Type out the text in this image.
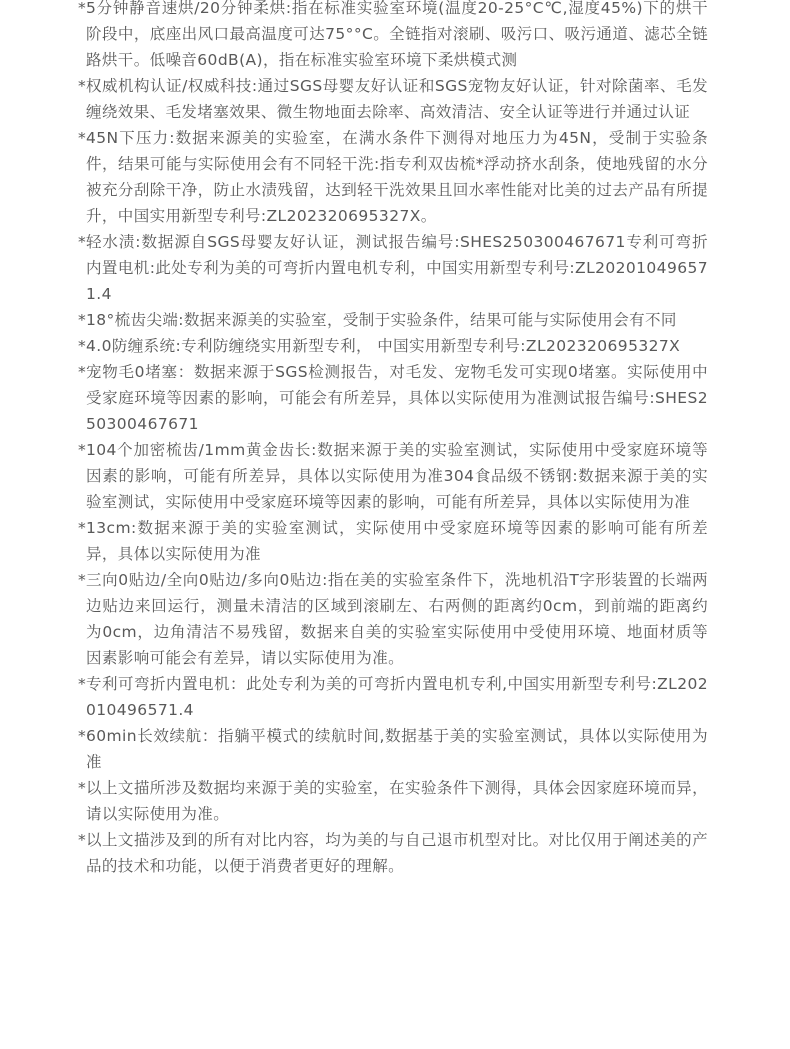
* 5分钟静音速烘/20分钟柔烘:指在标准实验室环境(温度20-25°C℃,湿度45%)下的烘干阶段中，底座出风口最高温度可达75°°C。全链指对滚刷、吸污口、吸污通道、滤芯全链路烘干。低噪音60dB(A)，指在标准实验室环境下柔烘模式测
* 权威机构认证/权威科技:通过SGS母婴友好认证和SGS宠物友好认证，针对除菌率、毛发缠绕效果、毛发堵塞效果、微生物地面去除率、高效清洁、安全认证等进行并通过认证
* 45N下压力:数据来源美的实验室，在满水条件下测得对地压力为45N，受制于实验条件，结果可能与实际使用会有不同轻干洗:指专利双齿梳*浮动挤水刮条，使地残留的水分被充分刮除干净，防止水渍残留，达到轻干洗效果且回水率性能对比美的过去产品有所提升，中国实用新型专利号:ZL202320695327X。
* 轻水渍:数据源自SGS母婴友好认证，测试报告编号:SHES250300467671专利可弯折内置电机:此处专利为美的可弯折内置电机专利，中国实用新型专利号:ZL202010496571.4
* 18°梳齿尖端:数据来源美的实验室，受制于实验条件，结果可能与实际使用会有不同
* 4.0防缠系统:专利防缠绕实用新型专利， 中国实用新型专利号:ZL202320695327X
* 宠物毛0堵塞：数据来源于SGS检测报告，对毛发、宠物毛发可实现0堵塞。实际使用中受家庭环境等因素的影响，可能会有所差异，具体以实际使用为准测试报告编号:SHES250300467671
* 104个加密梳齿/1mm黄金齿长:数据来源于美的实验室测试，实际使用中受家庭环境等因素的影响，可能有所差异，具体以实际使用为准304食品级不锈钢:数据来源于美的实验室测试，实际使用中受家庭环境等因素的影响，可能有所差异，具体以实际使用为准
* 13cm:数据来源于美的实验室测试，实际使用中受家庭环境等因素的影响可能有所差异，具体以实际使用为准
* 三向0贴边/全向0贴边/多向0贴边:指在美的实验室条件下，洗地机沿T字形装置的长端两边贴边来回运行，测量未清洁的区域到滚刷左、右两侧的距离约0cm，到前端的距离约为0cm，边角清洁不易残留，数据来自美的实验室实际使用中受使用环境、地面材质等因素影响可能会有差异，请以实际使用为准。
* 专利可弯折内置电机：此处专利为美的可弯折内置电机专利,中国实用新型专利号:ZL202010496571.4
* 60min长效续航：指躺平模式的续航时间,数据基于美的实验室测试，具体以实际使用为准
* 以上文描所涉及数据均来源于美的实验室，在实验条件下测得，具体会因家庭环境而异，请以实际使用为准。
* 以上文描涉及到的所有对比内容，均为美的与自己退市机型对比。对比仅用于阐述美的产品的技术和功能，以便于消费者更好的理解。
